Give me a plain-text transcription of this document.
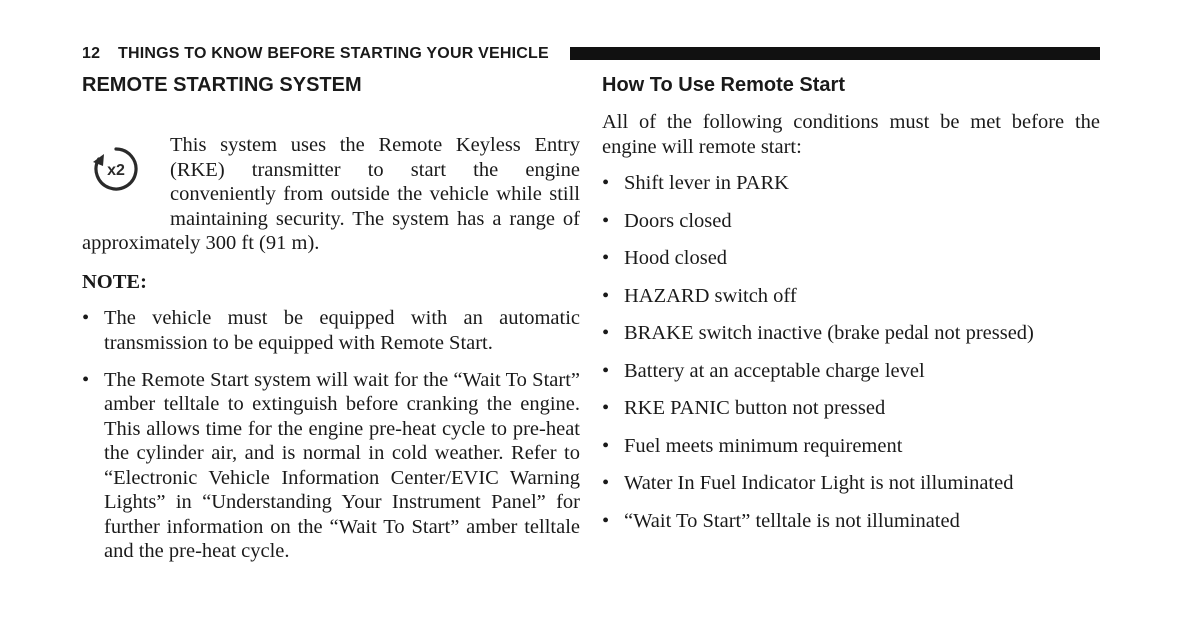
12 THINGS TO KNOW BEFORE STARTING YOUR VEHICLE
REMOTE STARTING SYSTEM
x2

This system uses the Remote Keyless Entry (RKE) transmitter to start the engine conveniently from outside the vehicle while still maintaining security. The system has a range of approximately 300 ft (91 m).

NOTE:
• The vehicle must be equipped with an automatic transmission to be equipped with Remote Start.
• The Remote Start system will wait for the “Wait To Start” amber telltale to extinguish before cranking the engine. This allows time for the engine pre-heat cycle to pre-heat the cylinder air, and is normal in cold weather. Refer to “Electronic Vehicle Information Center/EVIC Warning Lights” in “Understanding Your Instrument Panel” for further information on the “Wait To Start” amber telltale and the pre-heat cycle.
How To Use Remote Start

All of the following conditions must be met before the engine will remote start:

• Shift lever in PARK
• Doors closed
• Hood closed
• HAZARD switch off
• BRAKE switch inactive (brake pedal not pressed)
• Battery at an acceptable charge level
• RKE PANIC button not pressed
• Fuel meets minimum requirement
• Water In Fuel Indicator Light is not illuminated
• “Wait To Start” telltale is not illuminated
